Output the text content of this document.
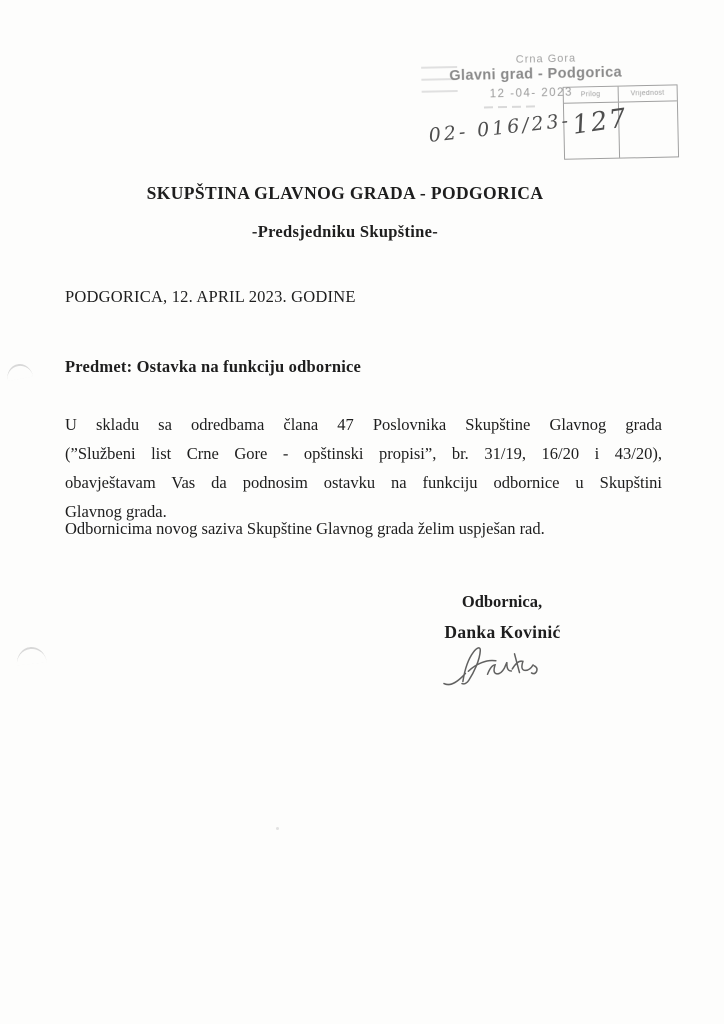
Crna Gora
Glavni grad - Podgorica
12 -04- 2023	Prilog	Vrijednost
02- 016/23-
127
SKUPŠTINA GLAVNOG GRADA - PODGORICA
-Predsjedniku Skupštine-
PODGORICA, 12. APRIL 2023. GODINE
Predmet: Ostavka na funkciju odbornice
U skladu sa odredbama člana 47 Poslovnika Skupštine Glavnog grada
(”Službeni list Crne Gore - opštinski propisi”, br. 31/19, 16/20 i 43/20),
obavještavam Vas da podnosim ostavku na funkciju odbornice u Skupštini
Glavnog grada.
Odbornicima novog saziva Skupštine Glavnog grada želim uspješan rad.
Odbornica,
Danka Kovinić
